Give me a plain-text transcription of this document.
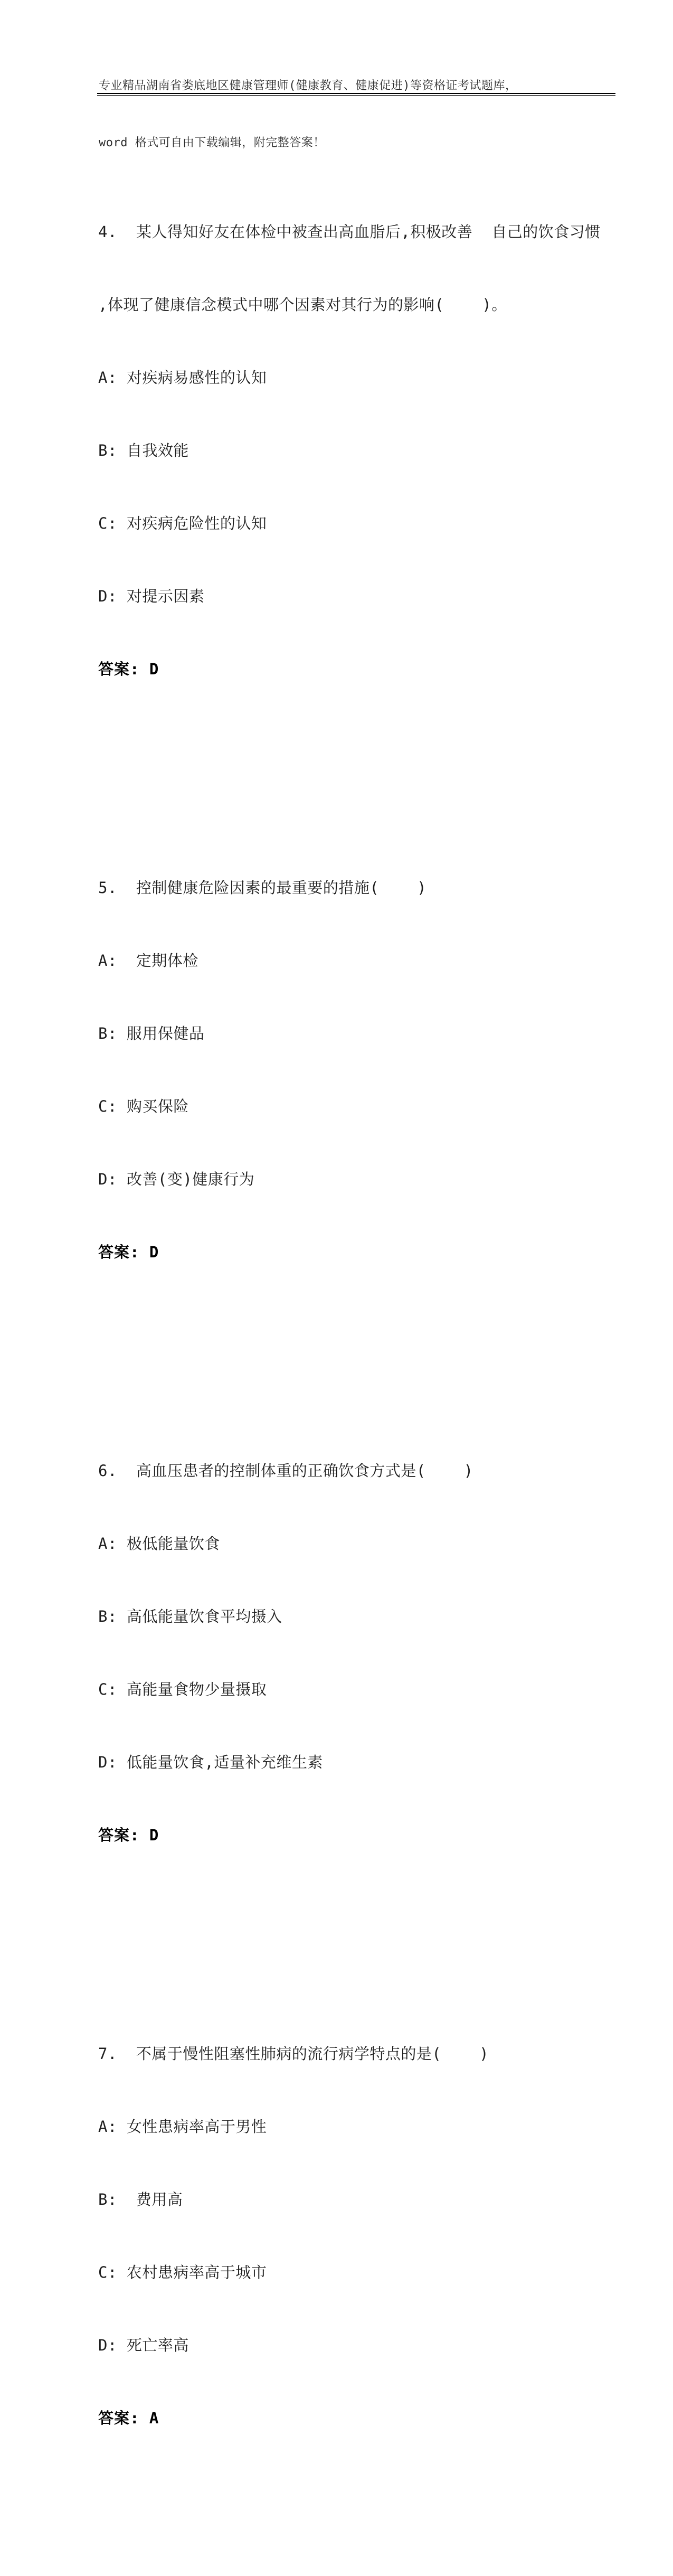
专业精品湖南省娄底地区健康管理师(健康教育、健康促进)等资格证考试题库，

word 格式可自由下载编辑，附完整答案！

4.  某人得知好友在体检中被查出高血脂后,积极改善  自己的饮食习惯

,体现了健康信念模式中哪个因素对其行为的影响(    )。

A: 对疾病易感性的认知

B: 自我效能

C: 对疾病危险性的认知

D: 对提示因素

答案: D

5.  控制健康危险因素的最重要的措施(    )

A:  定期体检

B: 服用保健品

C: 购买保险

D: 改善(变)健康行为

答案: D

6.  高血压患者的控制体重的正确饮食方式是(    )

A: 极低能量饮食

B: 高低能量饮食平均摄入

C: 高能量食物少量摄取

D: 低能量饮食,适量补充维生素

答案: D

7.  不属于慢性阻塞性肺病的流行病学特点的是(    )

A: 女性患病率高于男性

B:  费用高

C: 农村患病率高于城市

D: 死亡率高

答案: A
